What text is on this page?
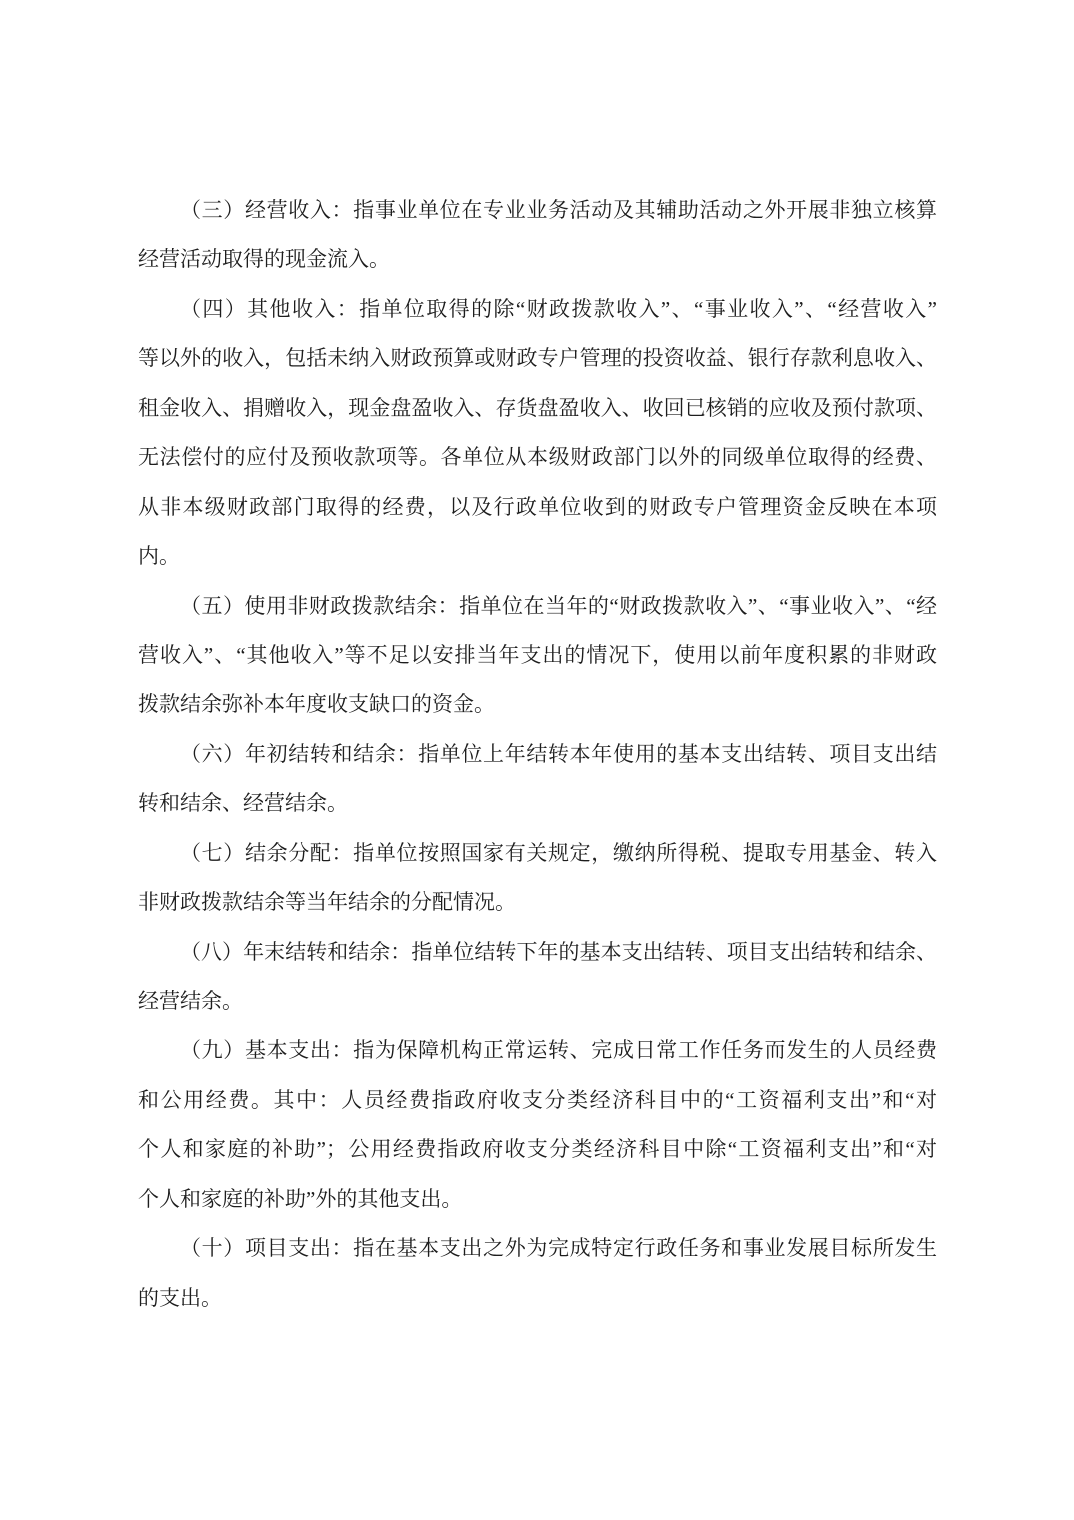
（三）经营收入：指事业单位在专业业务活动及其辅助活动之外开展非独立核算
经营活动取得的现金流入。
（四）其他收入：指单位取得的除“财政拨款收入”、“事业收入”、“经营收入”
等以外的收入，包括未纳入财政预算或财政专户管理的投资收益、银行存款利息收入、
租金收入、捐赠收入，现金盘盈收入、存货盘盈收入、收回已核销的应收及预付款项、
无法偿付的应付及预收款项等。各单位从本级财政部门以外的同级单位取得的经费、
从非本级财政部门取得的经费，以及行政单位收到的财政专户管理资金反映在本项
内。
（五）使用非财政拨款结余：指单位在当年的“财政拨款收入”、“事业收入”、“经
营收入”、“其他收入”等不足以安排当年支出的情况下，使用以前年度积累的非财政
拨款结余弥补本年度收支缺口的资金。
（六）年初结转和结余：指单位上年结转本年使用的基本支出结转、项目支出结
转和结余、经营结余。
（七）结余分配：指单位按照国家有关规定，缴纳所得税、提取专用基金、转入
非财政拨款结余等当年结余的分配情况。
（八）年末结转和结余：指单位结转下年的基本支出结转、项目支出结转和结余、
经营结余。
（九）基本支出：指为保障机构正常运转、完成日常工作任务而发生的人员经费
和公用经费。其中：人员经费指政府收支分类经济科目中的“工资福利支出”和“对
个人和家庭的补助”；公用经费指政府收支分类经济科目中除“工资福利支出”和“对
个人和家庭的补助”外的其他支出。
（十）项目支出：指在基本支出之外为完成特定行政任务和事业发展目标所发生
的支出。
